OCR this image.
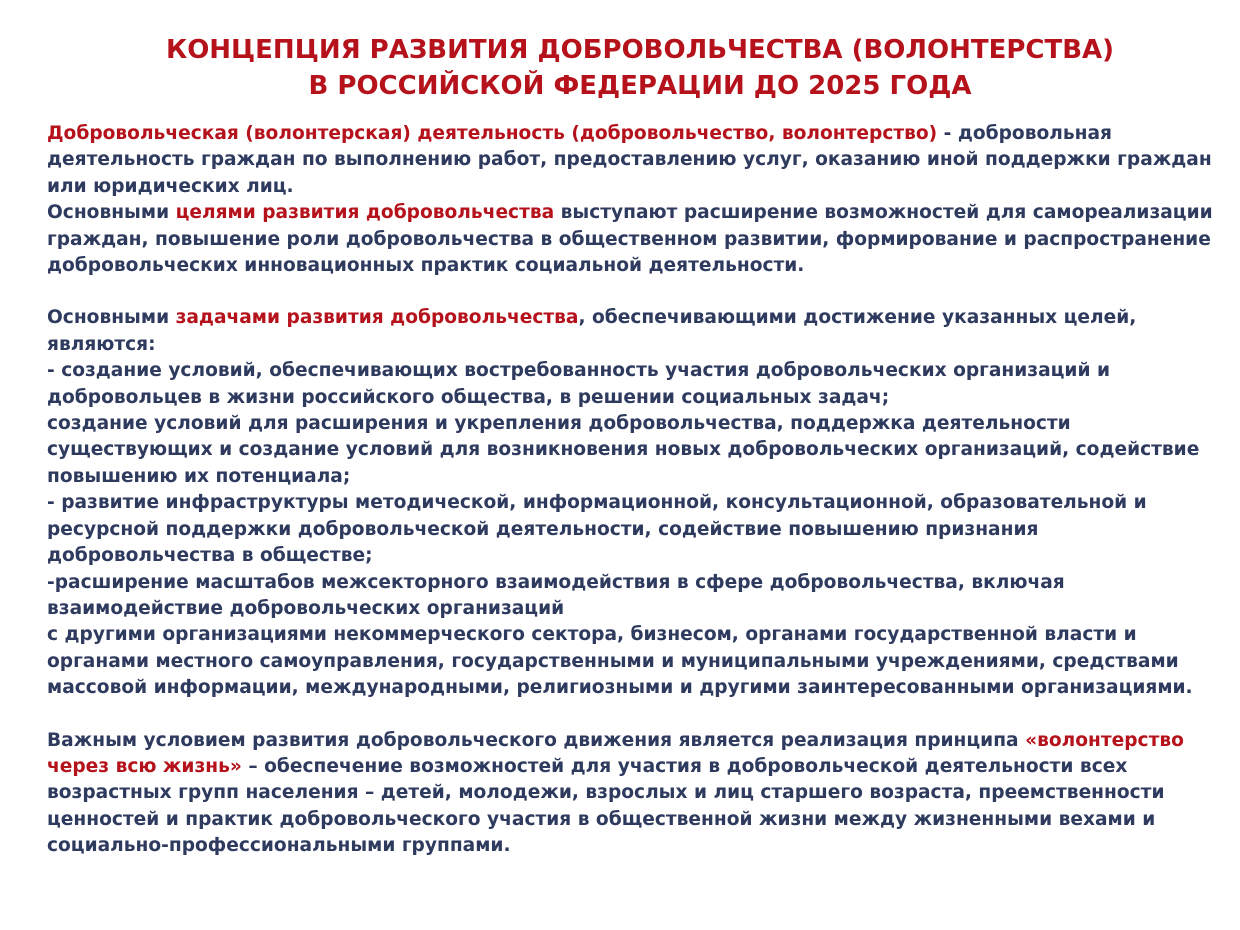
КОНЦЕПЦИЯ РАЗВИТИЯ ДОБРОВОЛЬЧЕСТВА (ВОЛОНТЕРСТВА)
В РОССИЙСКОЙ ФЕДЕРАЦИИ ДО 2025 ГОДА

Добровольческая (волонтерская) деятельность (добровольчество, волонтерство) - добровольная деятельность граждан по выполнению работ, предоставлению услуг, оказанию иной поддержки граждан или юридических лиц.

Основными целями развития добровольчества выступают расширение возможностей для самореализации граждан, повышение роли добровольчества в общественном развитии, формирование и распространение добровольческих инновационных практик социальной деятельности.

Основными задачами развития добровольчества, обеспечивающими достижение указанных целей, являются:

- создание условий, обеспечивающих востребованность участия добровольческих организаций и добровольцев в жизни российского общества, в решении социальных задач;

создание условий для расширения и укрепления добровольчества, поддержка деятельности существующих и создание условий для возникновения новых добровольческих организаций, содействие повышению их потенциала;

- развитие инфраструктуры методической, информационной, консультационной, образовательной и ресурсной поддержки добровольческой деятельности, содействие повышению признания добровольчества в обществе;

-расширение масштабов межсекторного взаимодействия в сфере добровольчества, включая взаимодействие добровольческих организаций

с другими организациями некоммерческого сектора, бизнесом, органами государственной власти и органами местного самоуправления, государственными и муниципальными учреждениями, средствами массовой информации, международными, религиозными и другими заинтересованными организациями.

Важным условием развития добровольческого движения является реализация принципа «волонтерство через всю жизнь» – обеспечение возможностей для участия в добровольческой деятельности всех возрастных групп населения – детей, молодежи, взрослых и лиц старшего возраста, преемственности ценностей и практик добровольческого участия в общественной жизни между жизненными вехами и социально-профессиональными группами.
